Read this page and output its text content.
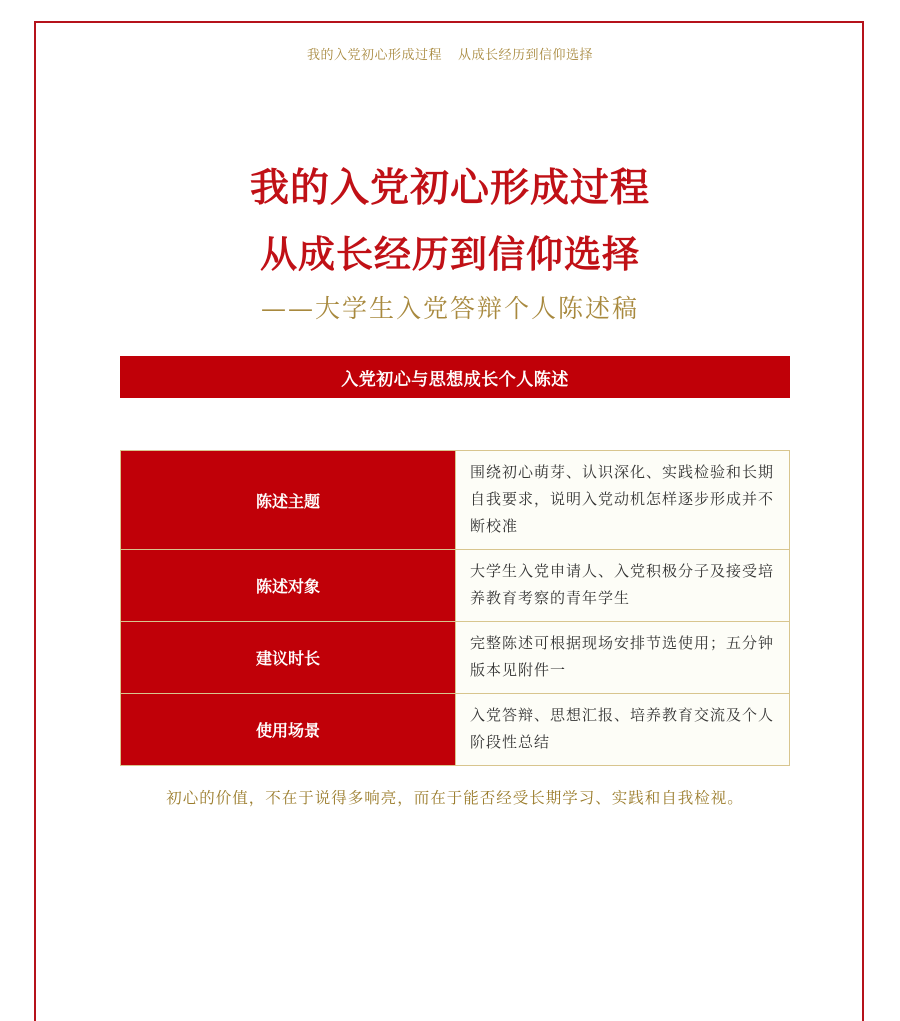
我的入党初心形成过程 从成长经历到信仰选择
我的入党初心形成过程
从成长经历到信仰选择
——大学生入党答辩个人陈述稿
入党初心与思想成长个人陈述
陈述主题	围绕初心萌芽、认识深化、实践检验和长期自我要求，说明入党动机怎样逐步形成并不断校准
陈述对象	大学生入党申请人、入党积极分子及接受培养教育考察的青年学生
建议时长	完整陈述可根据现场安排节选使用；五分钟版本见附件一
使用场景	入党答辩、思想汇报、培养教育交流及个人阶段性总结
初心的价值，不在于说得多响亮，而在于能否经受长期学习、实践和自我检视。
